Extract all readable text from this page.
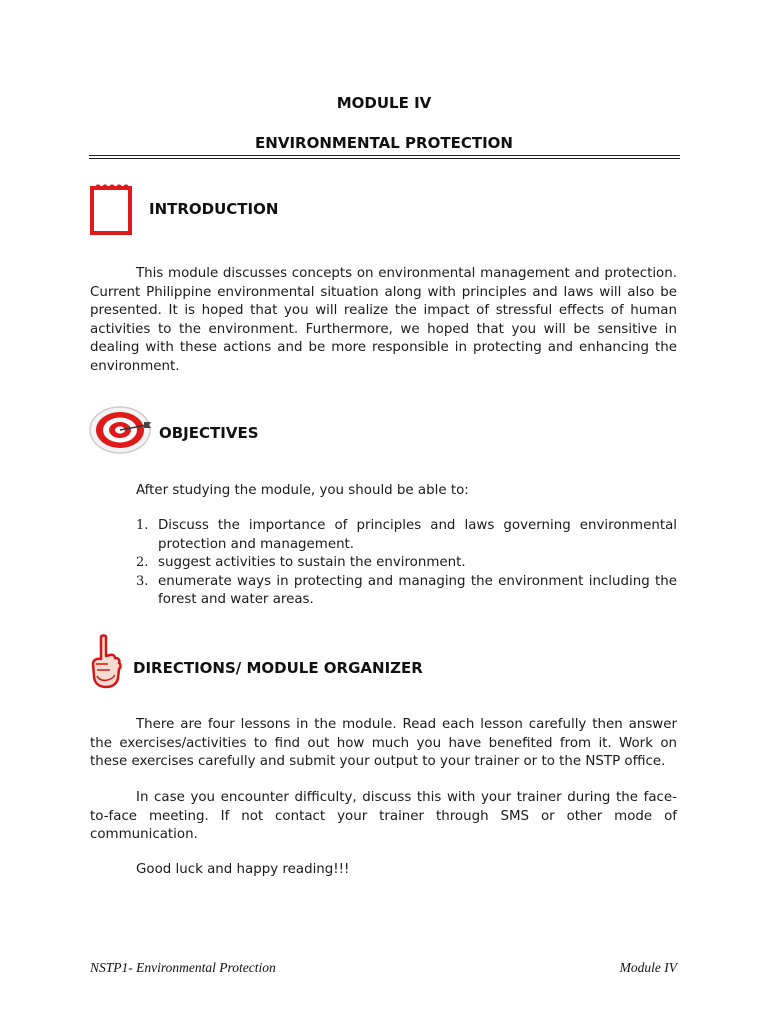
MODULE IV
ENVIRONMENTAL PROTECTION
INTRODUCTION

This module discusses concepts on environmental management and protection. Current Philippine environmental situation along with principles and laws will also be presented. It is hoped that you will realize the impact of stressful effects of human activities to the environment. Furthermore, we hoped that you will be sensitive in dealing with these actions and be more responsible in protecting and enhancing the environment.

OBJECTIVES

After studying the module, you should be able to:

1. Discuss the importance of principles and laws governing environmental protection and management.
2. suggest activities to sustain the environment.
3. enumerate ways in protecting and managing the environment including the forest and water areas.
DIRECTIONS/ MODULE ORGANIZER

There are four lessons in the module. Read each lesson carefully then answer the exercises/activities to find out how much you have benefited from it. Work on these exercises carefully and submit your output to your trainer or to the NSTP office.

In case you encounter difficulty, discuss this with your trainer during the face-to-face meeting. If not contact your trainer through SMS or other mode of communication.

Good luck and happy reading!!!

NSTP1- Environmental Protection	Module IV
